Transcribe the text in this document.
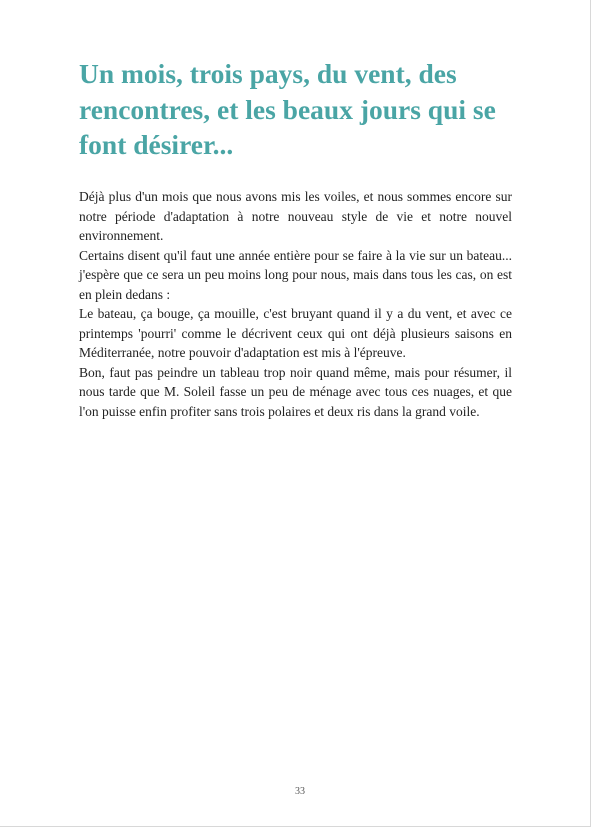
Un mois, trois pays, du vent, des rencontres, et les beaux jours qui se font désirer...

Déjà plus d'un mois que nous avons mis les voiles, et nous sommes encore sur notre période d'adaptation à notre nouveau style de vie et notre nouvel environnement.

Certains disent qu'il faut une année entière pour se faire à la vie sur un bateau... j'espère que ce sera un peu moins long pour nous, mais dans tous les cas, on est en plein dedans :

Le bateau, ça bouge, ça mouille, c'est bruyant quand il y a du vent, et avec ce printemps 'pourri' comme le décrivent ceux qui ont déjà plusieurs saisons en Méditerranée, notre pouvoir d'adaptation est mis à l'épreuve.

Bon, faut pas peindre un tableau trop noir quand même, mais pour résumer, il nous tarde que M. Soleil fasse un peu de ménage avec tous ces nuages, et que l'on puisse enfin profiter sans trois polaires et deux ris dans la grand voile.

33
